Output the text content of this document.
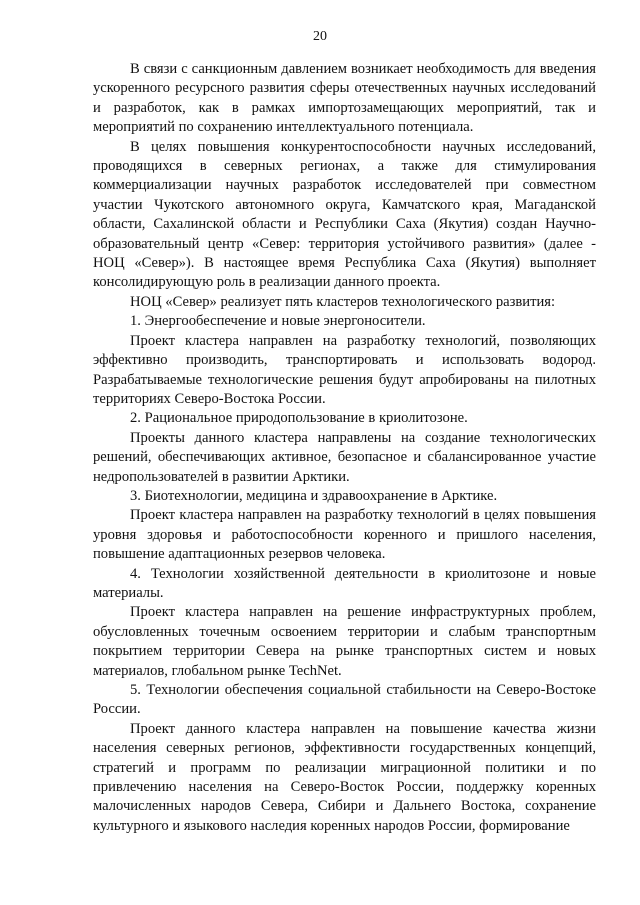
20

В связи с санкционным давлением возникает необходимость для введения ускоренного ресурсного развития сферы отечественных научных исследований и разработок, как в рамках импортозамещающих мероприятий, так и мероприятий по сохранению интеллектуального потенциала.

В целях повышения конкурентоспособности научных исследований, проводящихся в северных регионах, а также для стимулирования коммерциализации научных разработок исследователей при совместном участии Чукотского автономного округа, Камчатского края, Магаданской области, Сахалинской области и Республики Саха (Якутия) создан Научно-образовательный центр «Север: территория устойчивого развития» (далее - НОЦ «Север»). В настоящее время Республика Саха (Якутия) выполняет консолидирующую роль в реализации данного проекта.

НОЦ «Север» реализует пять кластеров технологического развития:

1. Энергообеспечение и новые энергоносители.

Проект кластера направлен на разработку технологий, позволяющих эффективно производить, транспортировать и использовать водород. Разрабатываемые технологические решения будут апробированы на пилотных территориях Северо-Востока России.

2. Рациональное природопользование в криолитозоне.

Проекты данного кластера направлены на создание технологических решений, обеспечивающих активное, безопасное и сбалансированное участие недропользователей в развитии Арктики.

3. Биотехнологии, медицина и здравоохранение в Арктике.

Проект кластера направлен на разработку технологий в целях повышения уровня здоровья и работоспособности коренного и пришлого населения, повышение адаптационных резервов человека.

4. Технологии хозяйственной деятельности в криолитозоне и новые материалы.

Проект кластера направлен на решение инфраструктурных проблем, обусловленных точечным освоением территории и слабым транспортным покрытием территории Севера на рынке транспортных систем и новых материалов, глобальном рынке TechNet.

5. Технологии обеспечения социальной стабильности на Северо-Востоке России.

Проект данного кластера направлен на повышение качества жизни населения северных регионов, эффективности государственных концепций, стратегий и программ по реализации миграционной политики и по привлечению населения на Северо-Восток России, поддержку коренных малочисленных народов Севера, Сибири и Дальнего Востока, сохранение культурного и языкового наследия коренных народов России, формирование
